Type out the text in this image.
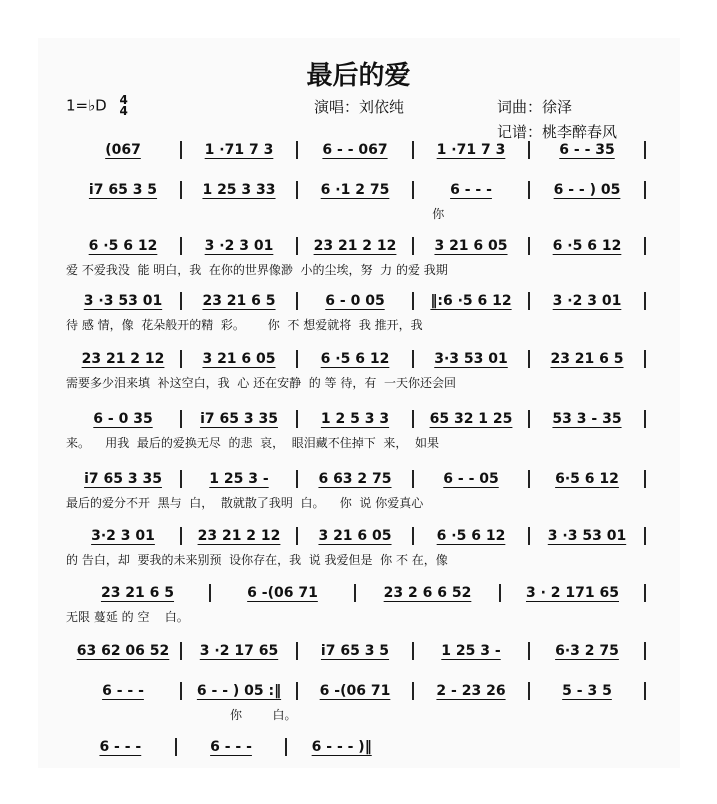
最后的爱
1=♭D 4
4	演唱：刘依纯	词曲：徐泽
记谱：桃李醉春风
(067	1 ·71 7 3	6 - - 067	1 ·71 7 3	6 - - 35
i7 65 3 5	1 25 3 33	6 ·1 2 75	6 - - -	6 - - ) 05
你
6 ·5 6 12	3 ·2 3 01	23 21 2 12	3 21 6 05	6 ·5 6 12
爱 不爱我没  能 明白，我  在你的世界像渺  小的尘埃，努  力 的爱 我期
3 ·3 53 01	23 21 6 5	6 - 0 05	‖:6 ·5 6 12	3 ·2 3 01
待 感 情，像  花朵般开的精  彩。      你  不 想爱就将  我 推开，我
23 21 2 12	3 21 6 05	6 ·5 6 12	3·3 53 01	23 21 6 5
需要多少泪来填  补这空白，我  心 还在安静  的 等 待，有  一天你还会回
6 - 0 35	i7 65 3 35	1 2 5 3 3	65 32 1 25	53 3 - 35
来。    用我  最后的爱换无尽  的悲  哀，  眼泪藏不住掉下  来，  如果
i7 65 3 35	1 25 3 -	6 63 2 75	6 - - 05	6·5 6 12
最后的爱分不开  黑与  白，  散就散了我明  白。    你  说 你爱真心
3·2 3 01	23 21 2 12	3 21 6 05	6 ·5 6 12	3 ·3 53 01
的 告白，却  要我的未来别预  设你存在，我  说 我爱但是  你 不 在，像
23 21 6 5	6 -(06 71	23 2 6 6 52	3 · 2 171 65
无限 蔓延 的 空    白。
63 62 06 52	3 ·2 17 65	i7 65 3 5	1 25 3 -	6·3 2 75
6 - - -	6 - - ) 05 :‖	6 -(06 71	2 - 23 26	5 - 3 5
你        白。
6 - - -	6 - - -	6 - - - )‖
